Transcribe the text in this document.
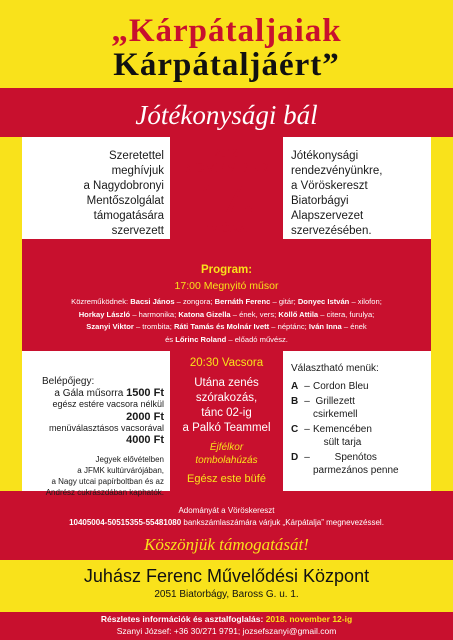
„Kárpátaljaiak
Kárpátaljáért”
Jótékonysági bál
Szeretettel
meghívjuk
a Nagydobronyi
Mentőszolgálat
támogatására
szervezett
2018
NOVEMBER
17.
17 ÓRA
Jótékonysági
rendezvényünkre,
a Vöröskereszt
Biatorbágyi
Alapszervezet
szervezésében.
Program:
17:00 Megnyitó műsor
Közreműködnek: Bacsi János – zongora; Bernáth Ferenc – gitár; Donyec István – xilofon;
Horkay László – harmonika; Katona Gizella – ének, vers; Köllő Attila – citera, furulya;
Szanyi Viktor – trombita; Ráti Tamás és Molnár Ivett – néptánc; Iván Inna – ének
és Lőrinc Roland – előadó művész.
Belépőjegy:
a Gála műsorra 1500 Ft
egész estére vacsora nélkül
2000 Ft
menüválasztásos vacsorával
4000 Ft
Jegyek elővételben
a JFMK kultúrvárójában,
a Nagy utcai papírboltban és az
Andrész cukrászdában kaphatók.
20:30 Vacsora
Utána zenés
szórakozás,
tánc 02-ig
a Palkó Teammel
Éjfélkor
tombolahúzás
Egész este büfé
Választható menük:
A – Cordon Bleu
B – Grillezett
csirkemell
C – Kemencében
sült tarja
D –	Spenótos
parmezános penne
Adományát a Vöröskereszt
10405004-50515355-55481080 bankszámlaszámára várjuk „Kárpátalja” megnevezéssel.
Köszönjük támogatását!
Juhász Ferenc Művelődési Központ
2051 Biatorbágy, Baross G. u. 1.
Részletes információk és asztalfoglalás: 2018. november 12-ig
Szanyi József: +36 30/271 9791; jozsefszanyi@gmail.com
